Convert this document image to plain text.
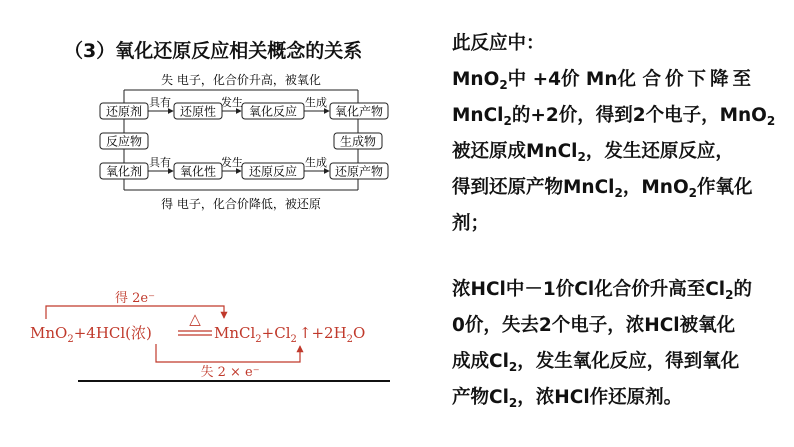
（3）氧化还原反应相关概念的关系
失 电子，化合价升高，被氧化
得 电子，化合价降低，被还原
还原剂	还原性	氧化反应	氧化产物
具有	发生	生成
反应物	生成物
氧化剂	氧化性	还原反应	还原产物
具有	发生	生成
得 2e⁻
△
MnO$_2$+4HCl(浓)	$MnCl_2+Cl_2$ $↑+2H_2O$
失 2 × e⁻

此反应中：

MnO$_2$中 +4价 Mn化 合价下降至

MnCl$_2$的+2价，得到2个电子，MnO$_2$

被还原成MnCl$_2$，发生还原反应，

得到还原产物MnCl$_2$，MnO$_2$作氧化

剂；

浓HCl中－1价Cl化合价升高至$Cl_2$的

0价，失去2个电子，浓HCl被氧化

成成$Cl_2$，发生氧化反应，得到氧化

产物$Cl_2$，浓HCl作还原剂。
